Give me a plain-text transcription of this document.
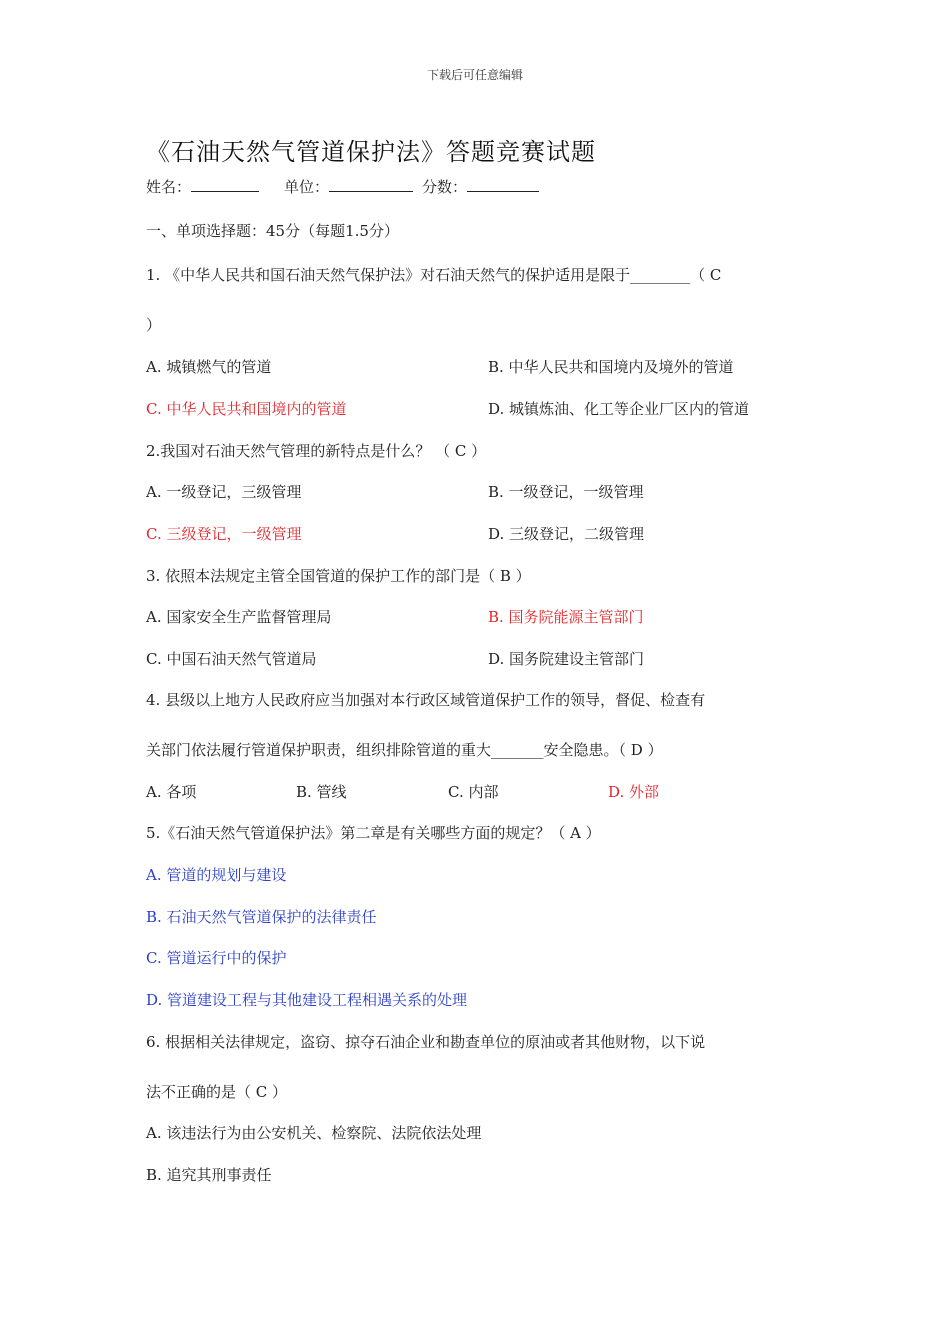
下载后可任意编辑
《石油天然气管道保护法》答题竞赛试题
姓名：	单位：	分数：
一、单项选择题：45分（每题1.5分）
1. 《中华人民共和国石油天然气保护法》对石油天然气的保护适用是限于________（ C
）
A. 城镇燃气的管道	B. 中华人民共和国境内及境外的管道
C. 中华人民共和国境内的管道	D. 城镇炼油、化工等企业厂区内的管道
2.我国对石油天然气管理的新特点是什么？ （ C ）
A. 一级登记，三级管理	B. 一级登记，一级管理
C. 三级登记，一级管理	D. 三级登记，二级管理
3. 依照本法规定主管全国管道的保护工作的部门是（ B ）
A. 国家安全生产监督管理局	B. 国务院能源主管部门
C. 中国石油天然气管道局	D. 国务院建设主管部门
4. 县级以上地方人民政府应当加强对本行政区域管道保护工作的领导，督促、检查有
关部门依法履行管道保护职责，组织排除管道的重大_______安全隐患。（ D ）
A. 各项	B. 管线	C. 内部	D. 外部
5.《石油天然气管道保护法》第二章是有关哪些方面的规定？（ A ）
A. 管道的规划与建设
B. 石油天然气管道保护的法律责任
C. 管道运行中的保护
D. 管道建设工程与其他建设工程相遇关系的处理
6. 根据相关法律规定，盗窃、掠夺石油企业和勘查单位的原油或者其他财物，以下说
法不正确的是（ C ）
A. 该违法行为由公安机关、检察院、法院依法处理
B. 追究其刑事责任
